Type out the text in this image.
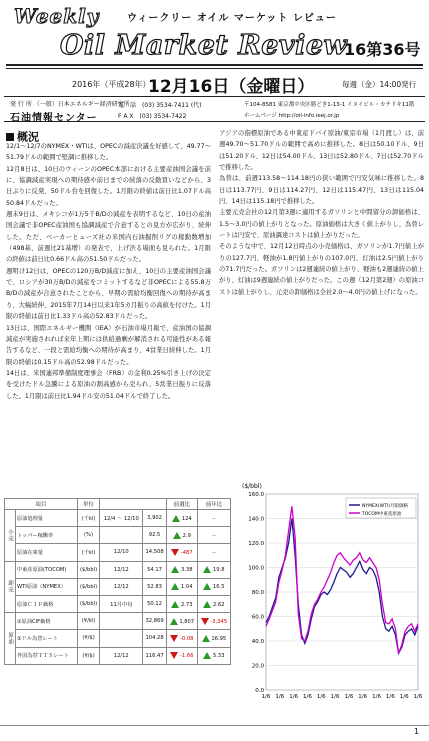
Weekly	ウィークリー オイル マーケット レビュー
Oil Market Review
16第36号
2016年（平成28年）
12月16日（金曜日）	毎週（金）14:00発行
発 行 所 （一般）日本エネルギー経済研究所
石油情報センター
電　話　(03) 3534-7411 (代)
F A X　(03) 3534-7422
〒104-8581 東京都中央区勝どき1-13-1 イヌイビル・カチドキ11階
ホームページ http://oil-info.ieej.or.jp
概況

12/1～12/7のNYMEX・WTIは、OPECの減産決議を好感して、49.77～51.79ドルの範囲で堅調に推移した。

12月8日は、10日のウィーンのOPEC本部における主要産油国会議を前に、協調減産実現への期待感や前日までの続落の反動買いなどから、3日ぶりに反発、50ドル台を回復した。1月限の終値は前日比1.07ドル高50.84ドルだった。

週末9日は、メキシコが1万5千B/Dの減産を表明するなど、10日の産油国会議で非OPEC産油国も協調減産で合意するとの見方が広がり、続伸した。ただ、ベーカーヒューズ社の米国内石油掘削リグの稼動数増加（498基、前週比21基増）の発表で、上げ渋る場面も見られた。1月限の終値は前日比0.66ドル高の51.50ドルだった。

週明け12日は、OPECの120万B/D減産に加え、10日の主要産油国会議で、ロシアが30万B/Dの減産をコミットするなど非OPECによる55.8万B/Dの減産が合意されたことから、早期の需給均衡回復への期待が高まり、大幅続伸、2015年7月14日以来1年5カ月振りの高値を付けた。1月限の終値は前日比1.33ドル高の52.83ドルだった。

13日は、国際エネルギー機関（IEA）が石油市場月報で、産油国の協調減産が実施されれば来年上期には供給過剰が解消される可能性がある報告するなど、一段と需給均衡への期待が高まり、4営業日続伸した。1月限の終値は0.15ドル高の52.98ドルだった。

14日は、米国連邦準備制度理事会（FRB）の金利0.25%引き上げの決定を受けたドル急騰による原油の割高感から売られ、5営業日振りに反落した。1月限は前日比1.94ドル安の51.04ドルで終了した。

アジアの指標原油である中東産ドバイ原油/東京市場（1月渡し）は、前週49.70～51.70ドルの範囲で高めに推移した。8日は50.10ドル、9日は51.20ドル、12日は54.00ドル、13日は52.80ドル、7日は52.70ドルで推移した。

為替は、前週113.58～114.18円の狭い範囲で円安気味に推移した。8日は113.77円、9日は114.27円、12日は115.47円、13日は115.04円、14日は115.18円で推移した。

主要元売会社の12月第3週に適用するガソリンと中間留分の卸価格は、1.5～3.0円の値上がりとなった。原油価格は大きく値上がりし、為替レートは円安で、原油調達コストは値上がりだった。

そのような中で、12月12日時点の小売価格は、ガソリンが1.7円値上がりの127.7円、軽油が1.8円値上がりの107.0円、灯油は2.5円値上がりの71.7円だった。ガソリンは2週連続の値上がり、軽油も2週連続の値上がり、灯油は9週連続の値上がりだった。この週（12月第2週）の原油コストは値上がりし、元売の卸価格は全社2.0～4.0円の値上げになった。

項目		単位			前週比	前年比
小売	原油処理量	(千kl)	12/4 ～ 12/10	3,902	124	－
	トッパー稼働率	(%)		92.5	2.9	－
	原油在庫量	(千kl)	12/10	14,508	-487	－
卸売	中東産原油(TOCOM)	($/bbl)	12/12	54.17	3.38	19.8
	WTI原油（NYMEX）	($/bbl)	12/12	52.83	1.04	16.5
	原油ＣＩＦ価格	($/bbl)	11月中旬	50.12	2.73	2.62
原油	①原油CIF価格	(¥/kl)		32,869	1,807	-3,345
	②ドル為替レート	(¥/$)		104.28	-0.08	16.95
	外国為替ＴＴＳレート	(¥/$)	12/12	116.47	-1.66	5.33
($/bbl)
0.0
20.0
40.0
60.0
80.0
100.0
120.0
140.0
160.0
1/6 1/6 1/6 1/6 1/6 1/6 1/6 1/6 1/6 1/6 1/6 1/6
NYMEX(WTI)月限価格
TOCOM中東産原油
1
